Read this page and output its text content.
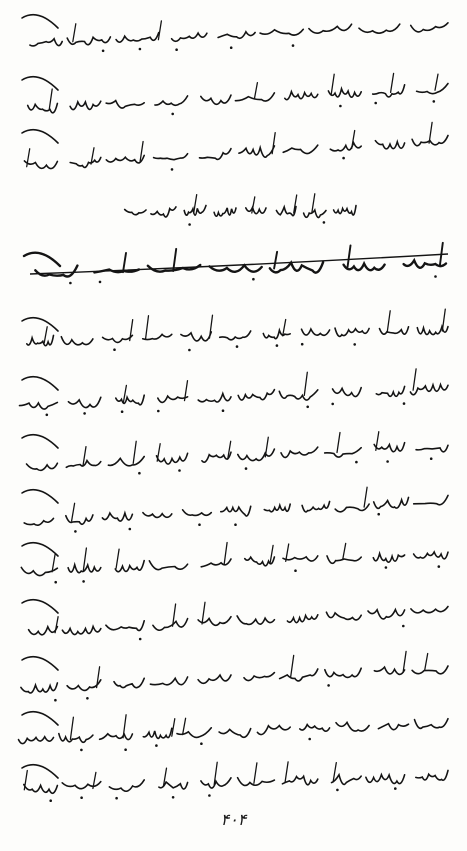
۴۰۴
